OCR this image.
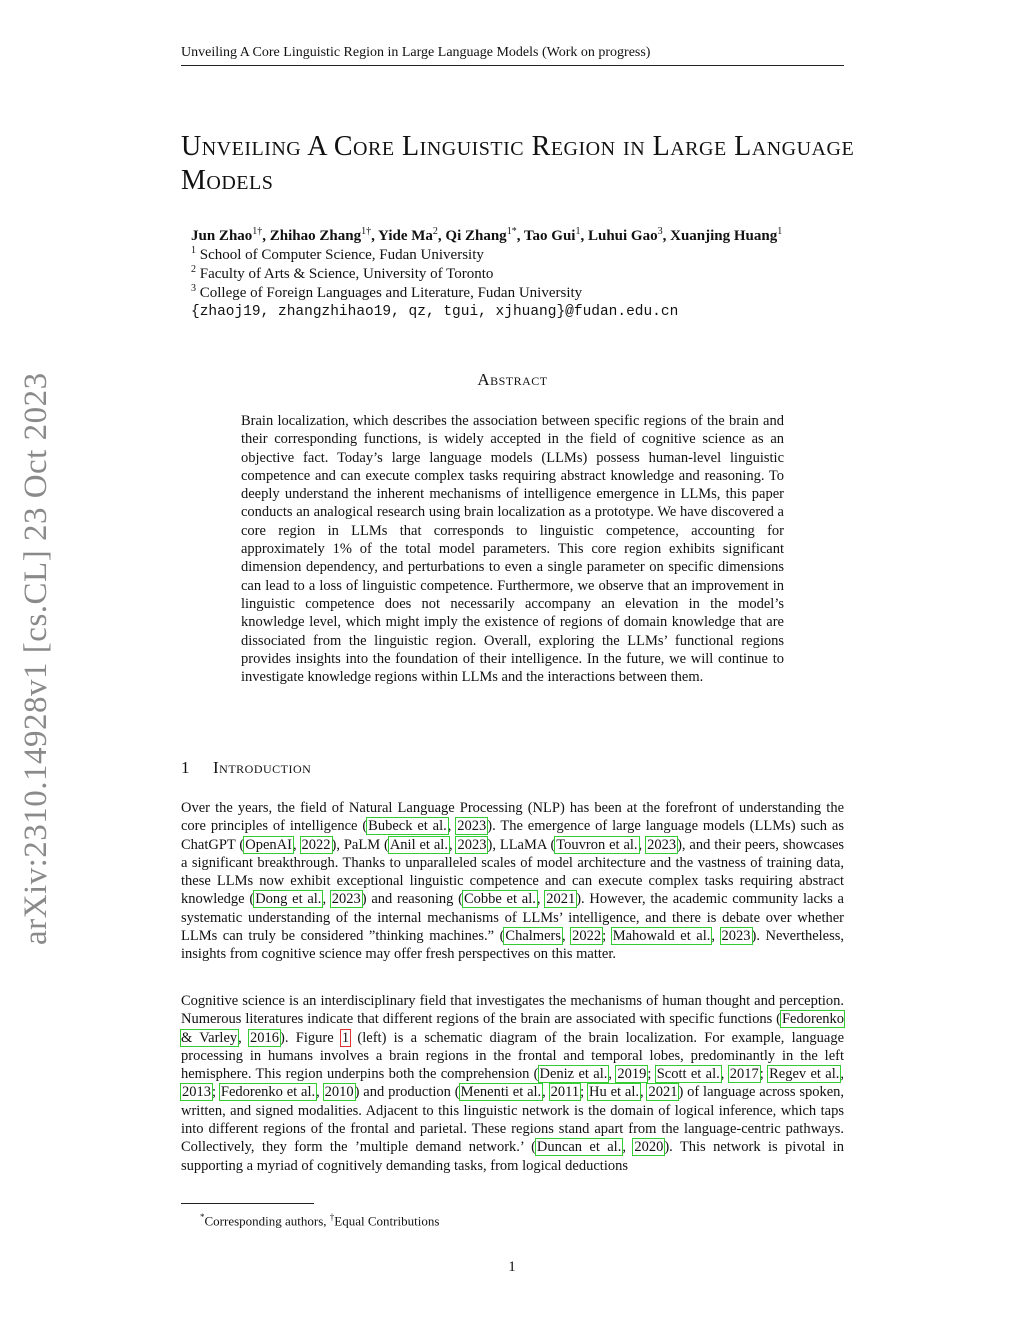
Unveiling A Core Linguistic Region in Large Language Models (Work on progress)
Unveiling A Core Linguistic Region in Large Language Models
Jun Zhao$^{1\dagger}$, Zhihao Zhang$^{1\dagger}$, Yide Ma$^2$, Qi Zhang$^{1*}$, Tao Gui$^1$, Luhui Gao$^3$, Xuanjing Huang$^1$
$^1$ School of Computer Science, Fudan University
$^2$ Faculty of Arts & Science, University of Toronto
$^3$ College of Foreign Languages and Literature, Fudan University
{zhaoj19, zhangzhihao19, qz, tgui, xjhuang}@fudan.edu.cn
arXiv:2310.14928v1 [cs.CL] 23 Oct 2023	Abstract

Brain localization, which describes the association between specific regions of the brain and their corresponding functions, is widely accepted in the field of cognitive science as an objective fact. Today’s large language models (LLMs) possess human-level linguistic competence and can execute complex tasks requiring abstract knowledge and reasoning. To deeply understand the inherent mechanisms of intelligence emergence in LLMs, this paper conducts an analogical research using brain localization as a prototype. We have discovered a core region in LLMs that corresponds to linguistic competence, accounting for approximately 1% of the total model parameters. This core region exhibits significant dimension dependency, and perturbations to even a single parameter on specific dimensions can lead to a loss of linguistic competence. Furthermore, we observe that an improvement in linguistic competence does not necessarily accompany an elevation in the model’s knowledge level, which might imply the existence of regions of domain knowledge that are dissociated from the linguistic region. Overall, exploring the LLMs’ functional regions provides insights into the foundation of their intelligence. In the future, we will continue to investigate knowledge regions within LLMs and the interactions between them.

1 Introduction

Over the years, the field of Natural Language Processing (NLP) has been at the forefront of understanding the core principles of intelligence (Bubeck et al., 2023). The emergence of large language models (LLMs) such as ChatGPT (OpenAI, 2022), PaLM (Anil et al., 2023), LLaMA (Touvron et al., 2023), and their peers, showcases a significant breakthrough. Thanks to unparalleled scales of model architecture and the vastness of training data, these LLMs now exhibit exceptional linguistic competence and can execute complex tasks requiring abstract knowledge (Dong et al., 2023) and reasoning (Cobbe et al., 2021). However, the academic community lacks a systematic understanding of the internal mechanisms of LLMs’ intelligence, and there is debate over whether LLMs can truly be considered ”thinking machines.” (Chalmers, 2022; Mahowald et al., 2023). Nevertheless, insights from cognitive science may offer fresh perspectives on this matter.

Cognitive science is an interdisciplinary field that investigates the mechanisms of human thought and perception. Numerous literatures indicate that different regions of the brain are associated with specific functions (Fedorenko & Varley, 2016). Figure 1 (left) is a schematic diagram of the brain localization. For example, language processing in humans involves a brain regions in the frontal and temporal lobes, predominantly in the left hemisphere. This region underpins both the comprehension (Deniz et al., 2019; Scott et al., 2017; Regev et al., 2013; Fedorenko et al., 2010) and production (Menenti et al., 2011; Hu et al., 2021) of language across spoken, written, and signed modalities. Adjacent to this linguistic network is the domain of logical inference, which taps into different regions of the frontal and parietal. These regions stand apart from the language-centric pathways. Collectively, they form the ’multiple demand network.’ (Duncan et al., 2020). This network is pivotal in supporting a myriad of cognitively demanding tasks, from logical deductions

*Corresponding authors, †Equal Contributions
1
